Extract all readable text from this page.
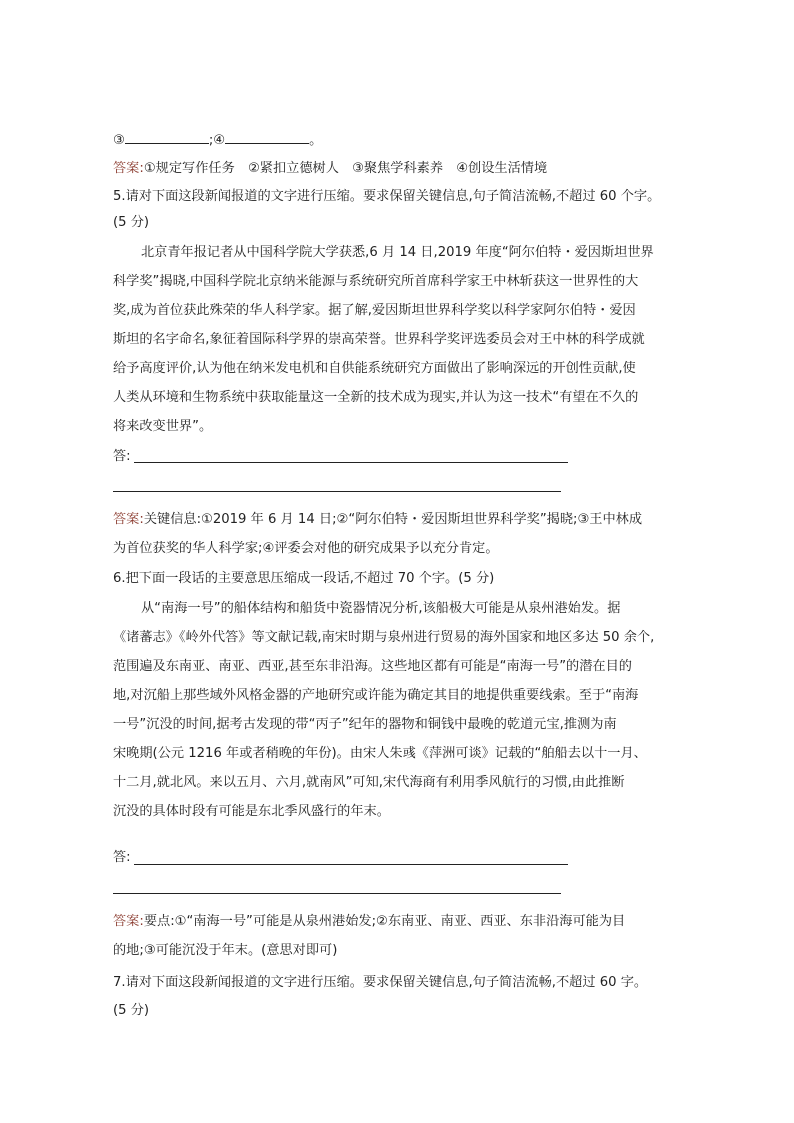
③	;④	。
答案:①规定写作任务　②紧扣立德树人　③聚焦学科素养　④创设生活情境
5.请对下面这段新闻报道的文字进行压缩。要求保留关键信息,句子简洁流畅,不超过 60 个字。
(5 分)
北京青年报记者从中国科学院大学获悉,6 月 14 日,2019 年度“阿尔伯特・爱因斯坦世界
科学奖”揭晓,中国科学院北京纳米能源与系统研究所首席科学家王中林斩获这一世界性的大
奖,成为首位获此殊荣的华人科学家。据了解,爱因斯坦世界科学奖以科学家阿尔伯特・爱因
斯坦的名字命名,象征着国际科学界的崇高荣誉。世界科学奖评选委员会对王中林的科学成就
给予高度评价,认为他在纳米发电机和自供能系统研究方面做出了影响深远的开创性贡献,使
人类从环境和生物系统中获取能量这一全新的技术成为现实,并认为这一技术“有望在不久的
将来改变世界”。
答:
答案:关键信息:①2019 年 6 月 14 日;②“阿尔伯特・爱因斯坦世界科学奖”揭晓;③王中林成
为首位获奖的华人科学家;④评委会对他的研究成果予以充分肯定。
6.把下面一段话的主要意思压缩成一段话,不超过 70 个字。(5 分)
从“南海一号”的船体结构和船货中瓷器情况分析,该船极大可能是从泉州港始发。据
《诸蕃志》《岭外代答》等文献记载,南宋时期与泉州进行贸易的海外国家和地区多达 50 余个,
范围遍及东南亚、南亚、西亚,甚至东非沿海。这些地区都有可能是“南海一号”的潜在目的
地,对沉船上那些域外风格金器的产地研究或许能为确定其目的地提供重要线索。至于“南海
一号”沉没的时间,据考古发现的带“丙子”纪年的器物和铜钱中最晚的乾道元宝,推测为南
宋晚期(公元 1216 年或者稍晚的年份)。由宋人朱彧《萍洲可谈》记载的“舶船去以十一月、
十二月,就北风。来以五月、六月,就南风”可知,宋代海商有利用季风航行的习惯,由此推断
沉没的具体时段有可能是东北季风盛行的年末。
答:
答案:要点:①“南海一号”可能是从泉州港始发;②东南亚、南亚、西亚、东非沿海可能为目
的地;③可能沉没于年末。(意思对即可)
7.请对下面这段新闻报道的文字进行压缩。要求保留关键信息,句子简洁流畅,不超过 60 字。
(5 分)
